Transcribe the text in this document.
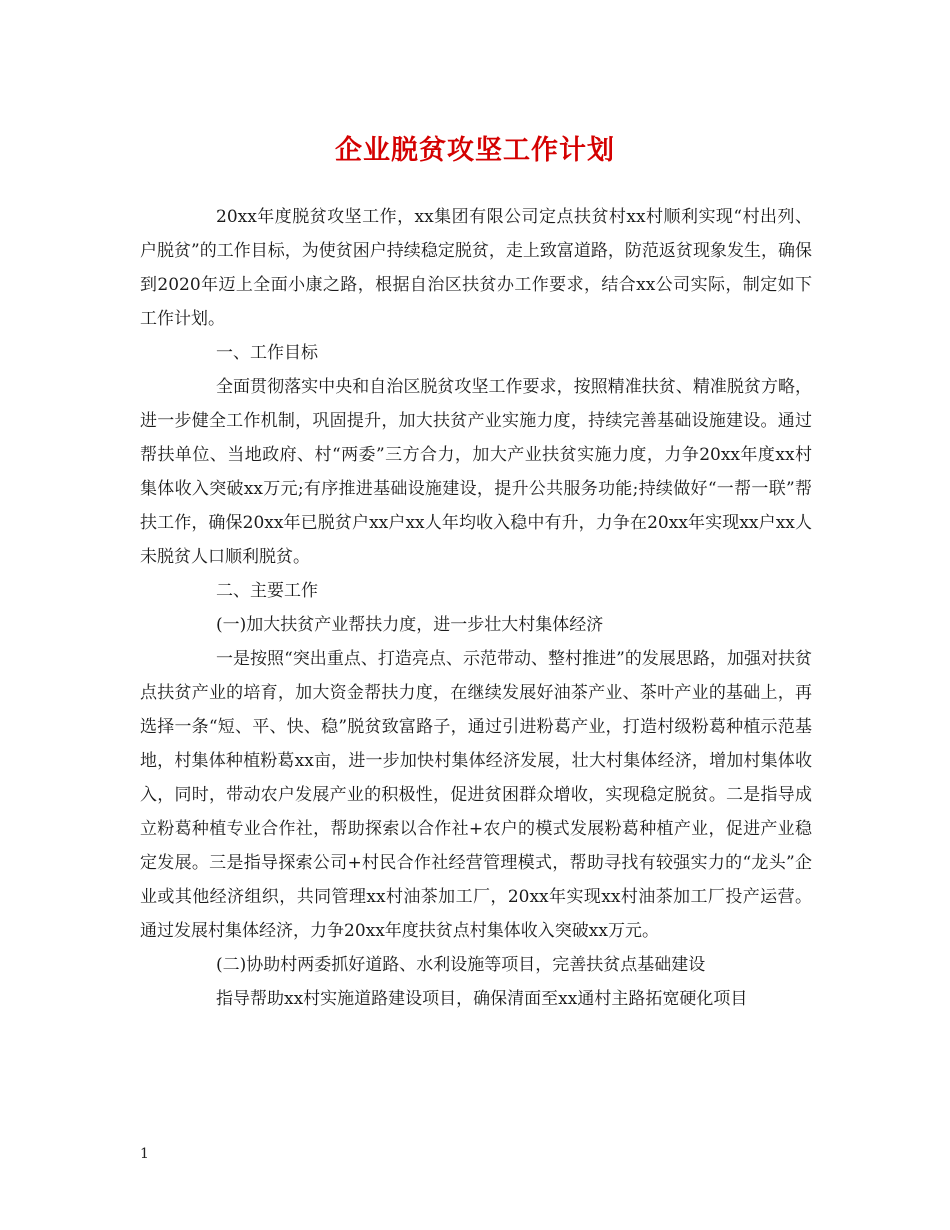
企业脱贫攻坚工作计划

20xx年度脱贫攻坚工作，xx集团有限公司定点扶贫村xx村顺利实现“村出列、户脱贫”的工作目标，为使贫困户持续稳定脱贫，走上致富道路，防范返贫现象发生，确保到2020年迈上全面小康之路，根据自治区扶贫办工作要求，结合xx公司实际，制定如下工作计划。

一、工作目标

全面贯彻落实中央和自治区脱贫攻坚工作要求，按照精准扶贫、精准脱贫方略，进一步健全工作机制，巩固提升，加大扶贫产业实施力度，持续完善基础设施建设。通过帮扶单位、当地政府、村“两委”三方合力，加大产业扶贫实施力度，力争20xx年度xx村集体收入突破xx万元;有序推进基础设施建设，提升公共服务功能;持续做好“一帮一联”帮扶工作，确保20xx年已脱贫户xx户xx人年均收入稳中有升，力争在20xx年实现xx户xx人未脱贫人口顺利脱贫。

二、主要工作

(一)加大扶贫产业帮扶力度，进一步壮大村集体经济

一是按照“突出重点、打造亮点、示范带动、整村推进”的发展思路，加强对扶贫点扶贫产业的培育，加大资金帮扶力度，在继续发展好油茶产业、茶叶产业的基础上，再选择一条“短、平、快、稳”脱贫致富路子，通过引进粉葛产业，打造村级粉葛种植示范基地，村集体种植粉葛xx亩，进一步加快村集体经济发展，壮大村集体经济，增加村集体收入，同时，带动农户发展产业的积极性，促进贫困群众增收，实现稳定脱贫。二是指导成立粉葛种植专业合作社，帮助探索以合作社+农户的模式发展粉葛种植产业，促进产业稳定发展。三是指导探索公司+村民合作社经营管理模式，帮助寻找有较强实力的“龙头”企业或其他经济组织，共同管理xx村油茶加工厂，20xx年实现xx村油茶加工厂投产运营。通过发展村集体经济，力争20xx年度扶贫点村集体收入突破xx万元。

(二)协助村两委抓好道路、水利设施等项目，完善扶贫点基础建设

指导帮助xx村实施道路建设项目，确保清面至xx通村主路拓宽硬化项目

1
